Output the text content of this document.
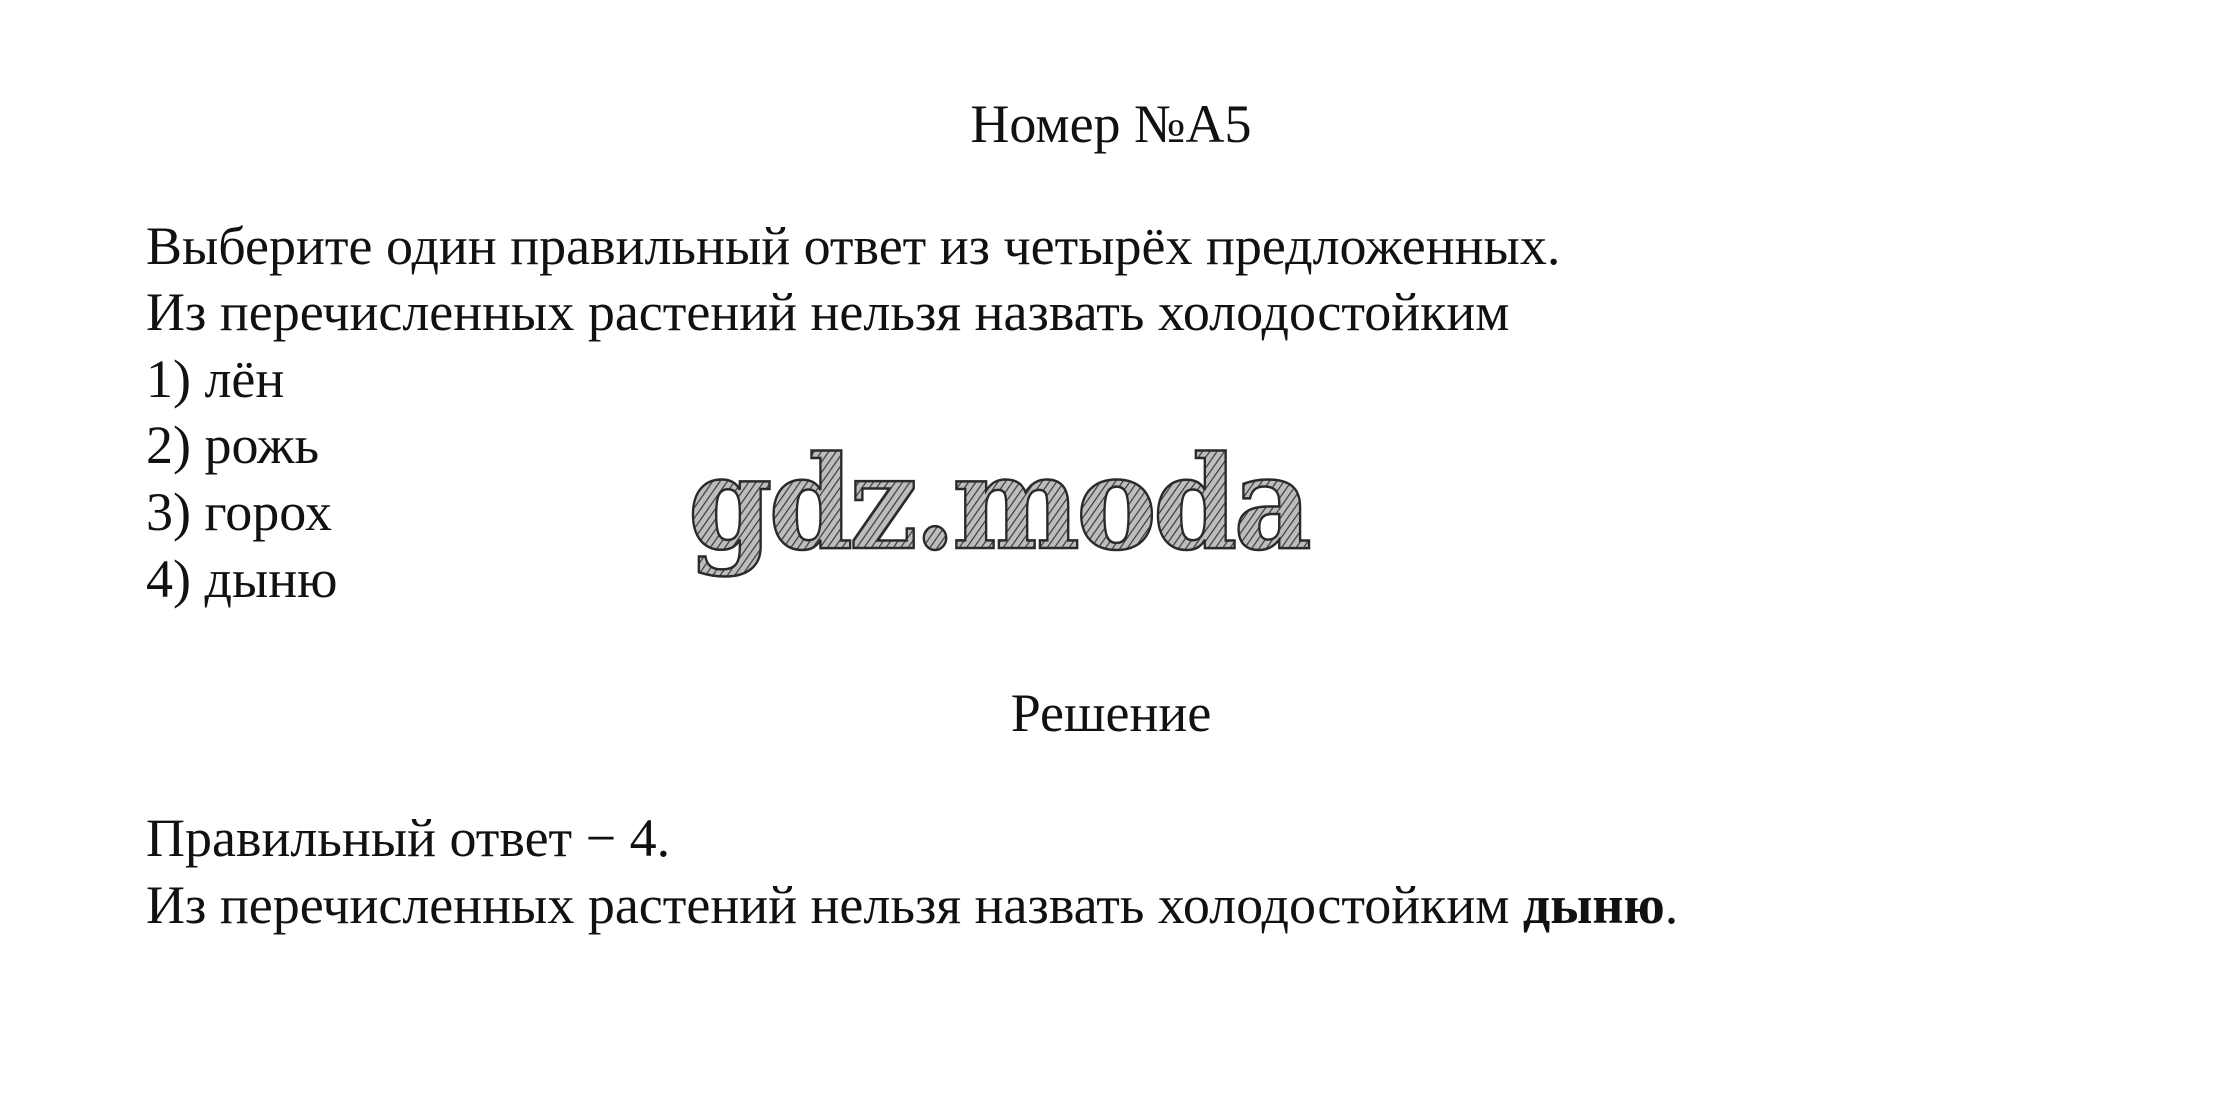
Номер №A5
Выберите один правильный ответ из четырёх предложенных.
Из перечисленных растений нельзя назвать холодостойким
1) лён
2) рожь
3) горох
4) дыню	gdz.moda
Решение
Правильный ответ − 4.
Из перечисленных растений нельзя назвать холодостойким дыню.
